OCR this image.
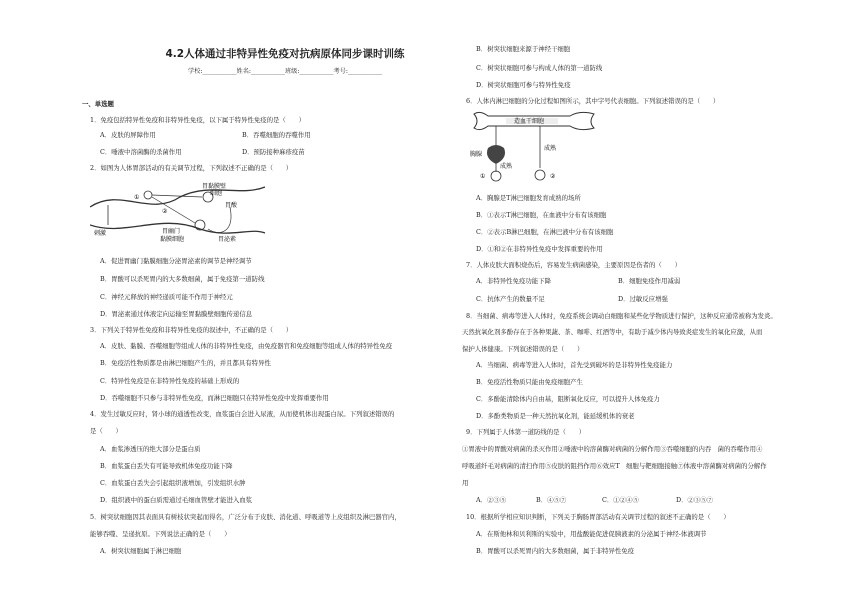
4.2人体通过非特异性免疫对抗病原体同步课时训练
学校:___________姓名:___________班级:___________考号:___________
一、单选题
1．免疫包括特异性免疫和非特异性免疫，以下属于特异性免疫的是（　　）
A．皮肤的屏障作用	B．吞噬细胞的吞噬作用
C．唾液中溶菌酶的杀菌作用	D．预防接种麻疹疫苗
2．如图为人体胃部活动的有关调节过程，下列叙述不正确的是（　　）
①
②
胃黏膜壁
细胞
胃酸
刺激	胃幽门
黏膜细胞	胃泌素
A．促进胃幽门黏膜细胞分泌胃泌素的调节是神经调节
B．胃酸可以杀死胃内的大多数细菌，属于免疫第一道防线
C．神经元释放的神经递质可能不作用于神经元
D．胃泌素通过体液定向运输至胃黏膜壁细胞传递信息
3．下列关于特异性免疫和非特异性免疫的叙述中，不正确的是（　　）
A．皮肤、黏膜、吞噬细胞等组成人体的非特异性免疫，由免疫器官和免疫细胞等组成人体的特异性免疫
B．免疫活性物质都是由淋巴细胞产生的，并且都具有特异性
C．特异性免疫是在非特异性免疫的基础上形成的
D．吞噬细胞不只参与非特异性免疫，而淋巴细胞只在特异性免疫中发挥重要作用
4．发生过敏反应时，肾小球的通透性改变，血浆蛋白会进入尿液，从而使机体出现蛋白尿。下列叙述错误的
是（　　）
A．血浆渗透压的绝大部分是蛋白质
B．血浆蛋白丢失有可能导致机体免疫功能下降
C．血浆蛋白丢失会引起组织液增加，引发组织水肿
D．组织液中的蛋白质需通过毛细血管壁才能进入血浆
5．树突状细胞因其表面具有树枝状突起而得名，广泛分布于皮肤、消化道、呼吸道等上皮组织及淋巴器官内，
能够吞噬、呈递抗原。下列说法正确的是（　　）
A．树突状细胞属于淋巴细胞
B．树突状细胞来源于神经干细胞
C．树突状细胞可参与构成人体的第一道防线
D．树突状细胞可参与特异性免疫
6．人体内淋巴细胞的分化过程如图所示，其中字号代表细胞。下列叙述错误的是（　　）
造血干细胞
胸腺
成熟
成熟
①	②
A．胸腺是T淋巴细胞发育成熟的场所
B．①表示T淋巴细胞，在血液中分布有该细胞
C．②表示B淋巴细胞，在淋巴液中分布有该细胞
D．①和②在非特异性免疫中发挥重要的作用
7．人体皮肤大面积烧伤后，容易发生病菌感染，主要原因是伤者的（　　）
A．非特异性免疫功能下降	B．细胞免疫作用减弱
C．抗体产生的数量不足	D．过敏反应增强
8．当细菌、病毒等进入人体时，免疫系统会调动白细胞和某些化学物质进行保护，这种反应通常被称为发炎。
天然抗氧化剂多酚存在于各种果蔬、茶、咖啡、红酒等中，有助于减少体内导致炎症发生的氧化应激，从而
保护人体健康。下列叙述错误的是（　　）
A．当细菌、病毒等进入人体时，首先受到破坏的是非特异性免疫能力
B．免疫活性物质只能由免疫细胞产生
C．多酚能清除体内自由基，阻断氧化反应，可以提升人体免疫力
D．多酚类物质是一种天然抗氧化剂，能延缓机体的衰老
9．下列属于人体第一道防线的是（　　）
①胃液中的胃酸对病菌的杀灭作用②唾液中的溶菌酶对病菌的分解作用③吞噬细胞的内吞　菌的吞噬作用④
呼吸道纤毛对病菌的清扫作用⑤皮肤的阻挡作用⑥效应T　细胞与靶细胞接触⑦体液中溶菌酶对病菌的分解作
用
A．②③⑤	B．④⑤⑦	C．①②④⑤	D．②③⑤⑦
10．根据所学相应知识判断，下列关于胸肠胃部活动有关调节过程的叙述不正确的是（　　）
A．在斯他林和贝利斯的实验中，用盐酸能促进促胰液素的分泌属于神经-体液调节
B．胃酸可以杀死胃内的大多数细菌，属于非特异性免疫
